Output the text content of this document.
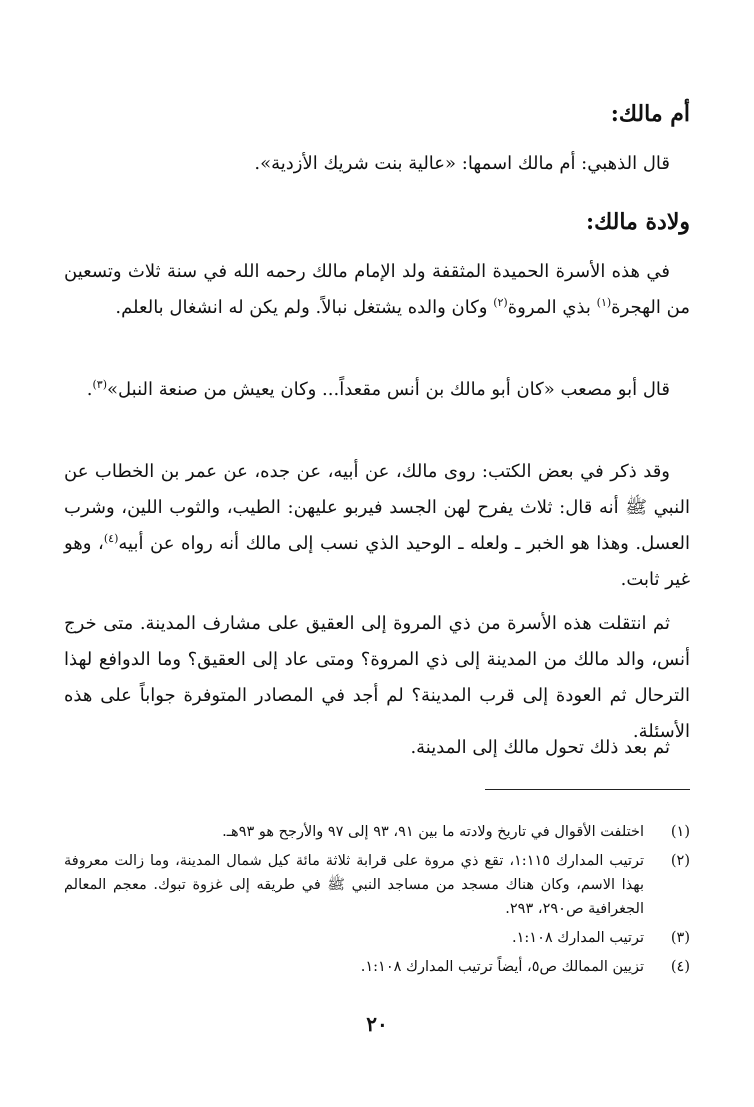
أم مالك:

قال الذهبي: أم مالك اسمها: «عالية بنت شريك الأزدية».

ولادة مالك:

في هذه الأسرة الحميدة المثقفة ولد الإمام مالك رحمه الله في سنة ثلاث وتسعين من الهجرة$^{(١)}$ بذي المروة$^{(٢)}$ وكان والده يشتغل نبالاً. ولم يكن له انشغال بالعلم.

قال أبو مصعب «كان أبو مالك بن أنس مقعداً... وكان يعيش من صنعة النبل»$^{(٣)}$.

وقد ذكر في بعض الكتب: روى مالك، عن أبيه، عن جده، عن عمر بن الخطاب عن النبي ﷺ أنه قال: ثلاث يفرح لهن الجسد فيربو عليهن: الطيب، والثوب اللين، وشرب العسل. وهذا هو الخبر ـ ولعله ـ الوحيد الذي نسب إلى مالك أنه رواه عن أبيه$^{(٤)}$، وهو غير ثابت.

ثم انتقلت هذه الأسرة من ذي المروة إلى العقيق على مشارف المدينة. متى خرج أنس، والد مالك من المدينة إلى ذي المروة؟ ومتى عاد إلى العقيق؟ وما الدوافع لهذا الترحال ثم العودة إلى قرب المدينة؟ لم أجد في المصادر المتوفرة جواباً على هذه الأسئلة.

ثم بعد ذلك تحول مالك إلى المدينة.

(١)
اختلفت الأقوال في تاريخ ولادته ما بين ٩١، ٩٣ إلى ٩٧ والأرجح هو ٩٣هـ.
(٢)
ترتيب المدارك ١:١١٥، تقع ذي مروة على قرابة ثلاثة مائة كيل شمال المدينة، وما زالت معروفة بهذا الاسم، وكان هناك مسجد من مساجد النبي ﷺ في طريقه إلى غزوة تبوك. معجم المعالم الجغرافية ص٢٩٠، ٢٩٣.
(٣)
ترتيب المدارك ١:١٠٨.
(٤)
تزيين الممالك ص٥، أيضاً ترتيب المدارك ١:١٠٨.
٢٠
